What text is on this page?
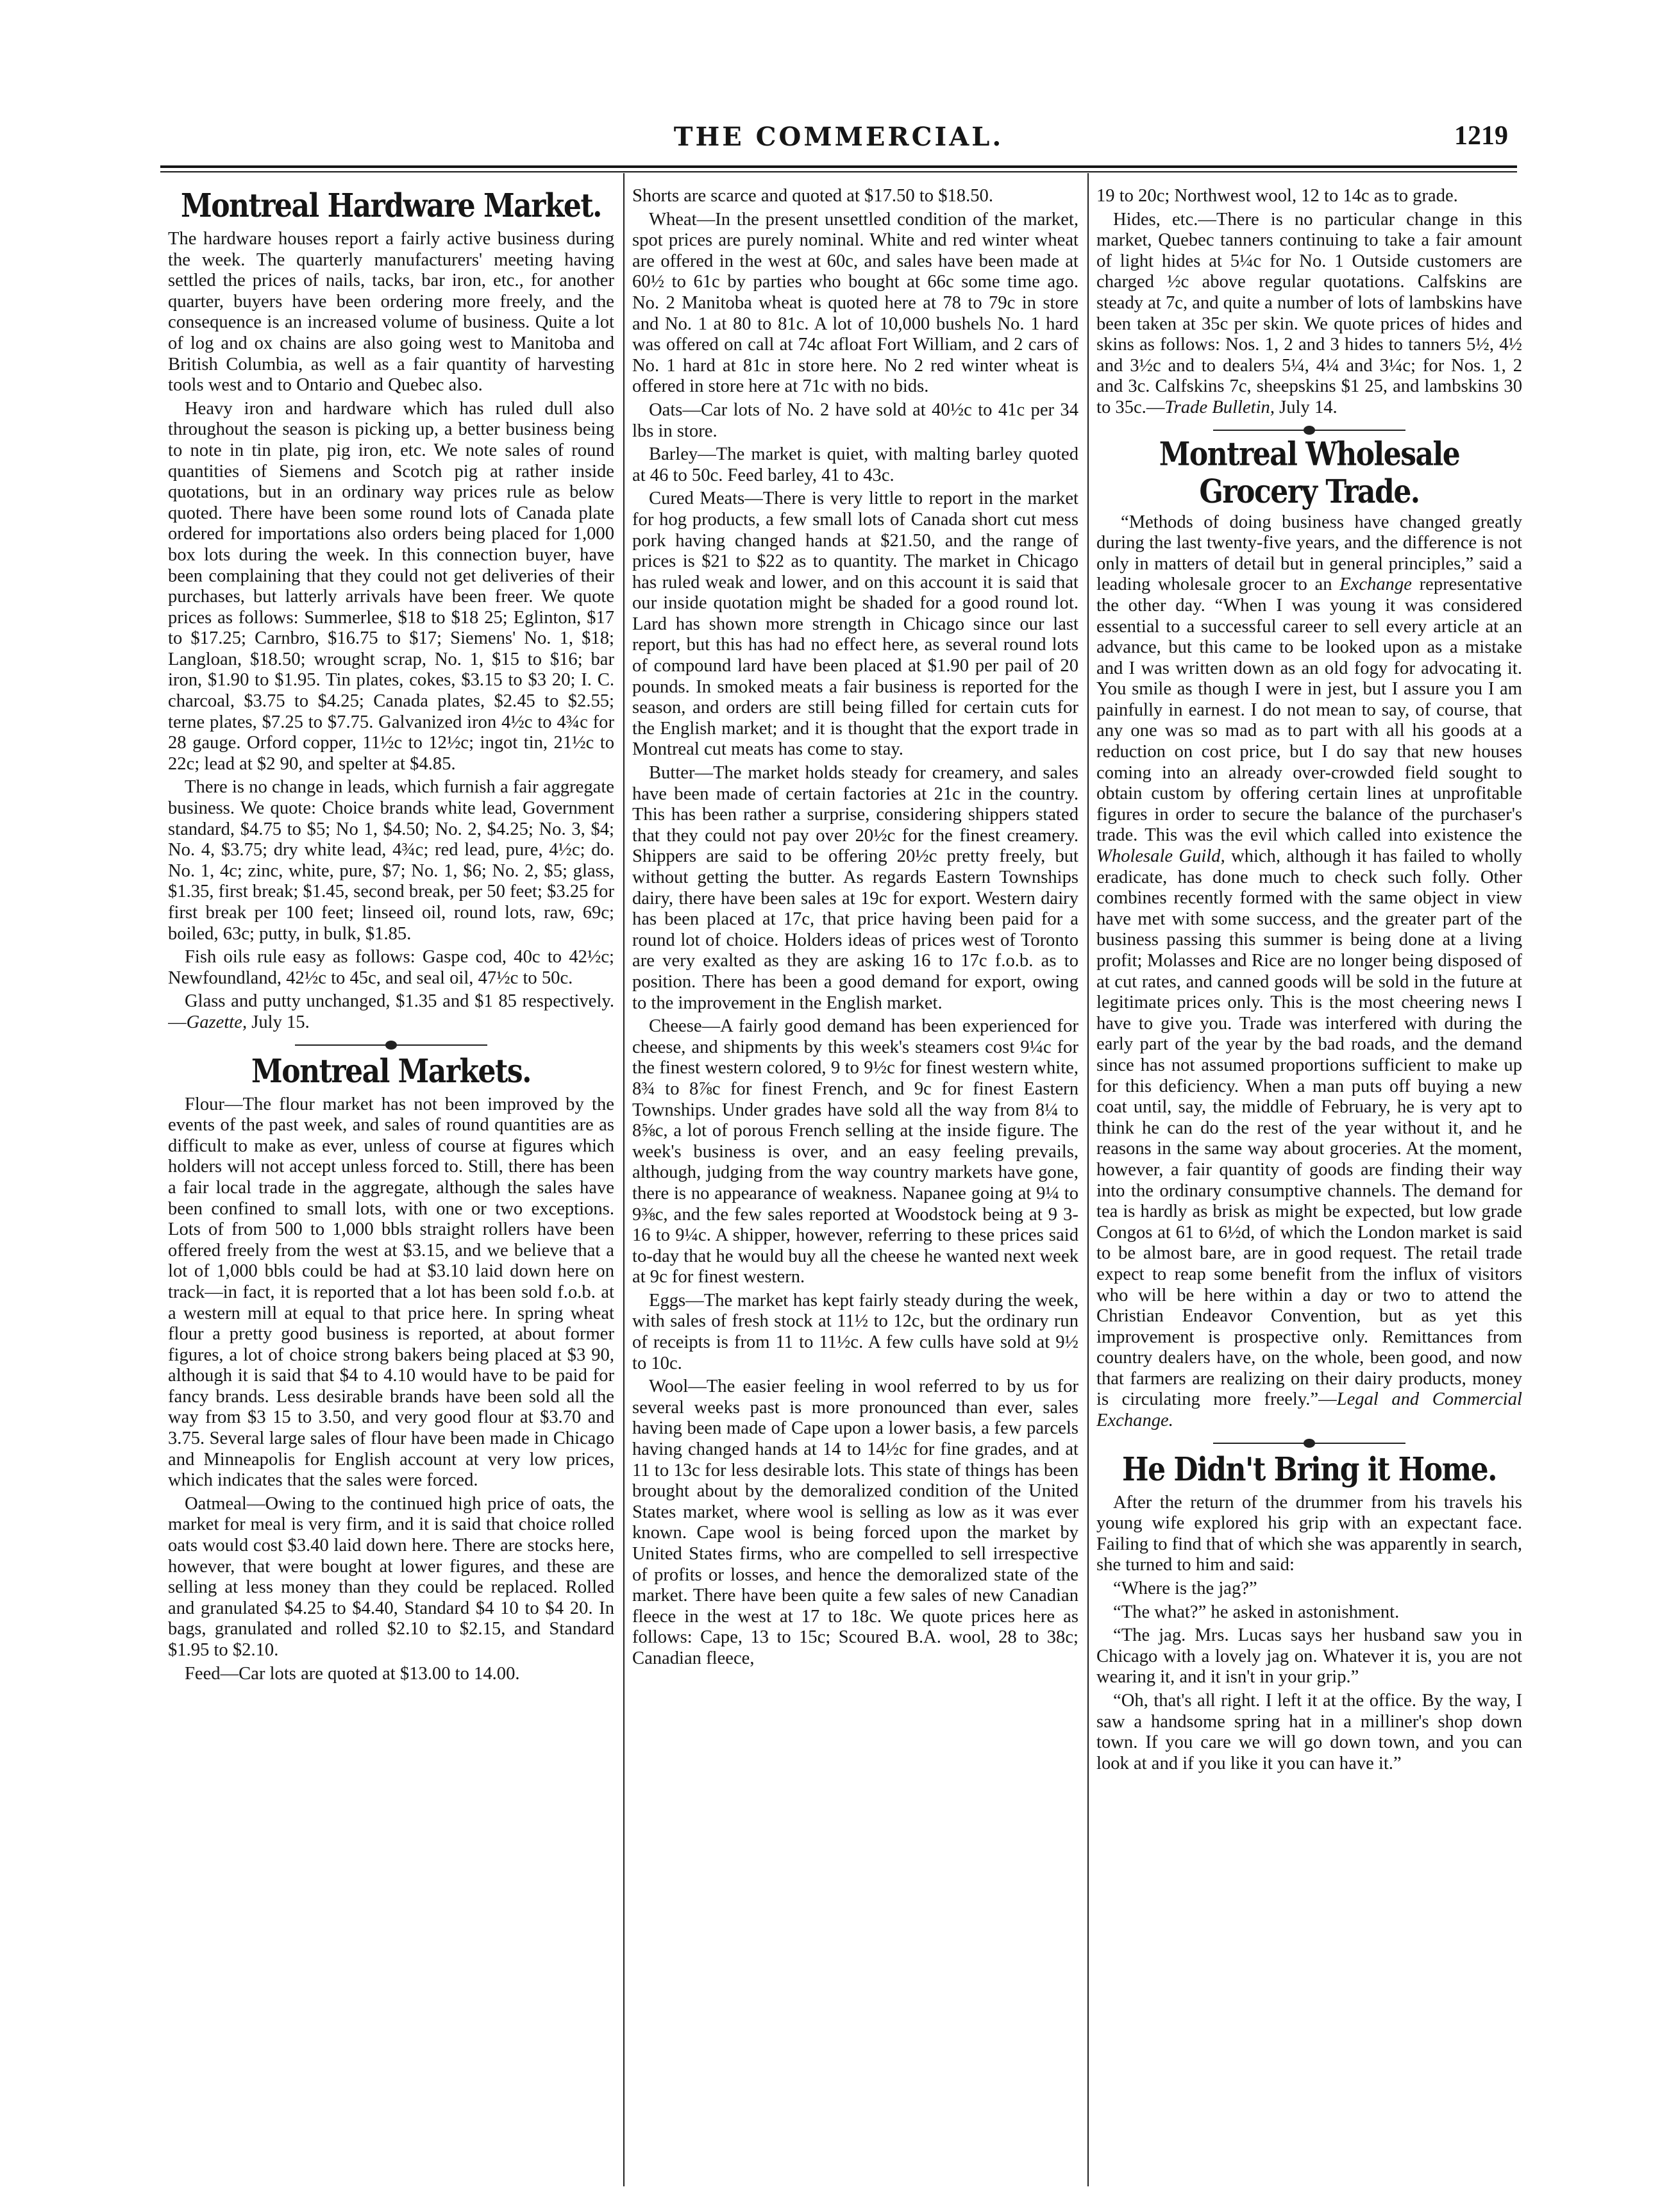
THE COMMERCIAL.	1219
Montreal Hardware Market.

The hardware houses report a fairly active business during the week. The quarterly manufacturers' meeting having settled the prices of nails, tacks, bar iron, etc., for another quarter, buyers have been ordering more freely, and the consequence is an increased volume of business. Quite a lot of log and ox chains are also going west to Manitoba and British Columbia, as well as a fair quantity of harvesting tools west and to Ontario and Quebec also.

Heavy iron and hardware which has ruled dull also throughout the season is picking up, a better business being to note in tin plate, pig iron, etc. We note sales of round quantities of Siemens and Scotch pig at rather inside quotations, but in an ordinary way prices rule as below quoted. There have been some round lots of Canada plate ordered for importations also orders being placed for 1,000 box lots during the week. In this connection buyer, have been complaining that they could not get deliveries of their purchases, but latterly arrivals have been freer. We quote prices as follows: Summerlee, $18 to $18 25; Eglinton, $17 to $17.25; Carnbro, $16.75 to $17; Siemens' No. 1, $18; Langloan, $18.50; wrought scrap, No. 1, $15 to $16; bar iron, $1.90 to $1.95. Tin plates, cokes, $3.15 to $3 20; I. C. charcoal, $3.75 to $4.25; Canada plates, $2.45 to $2.55; terne plates, $7.25 to $7.75. Galvanized iron 4½c to 4¾c for 28 gauge. Orford copper, 11½c to 12½c; ingot tin, 21½c to 22c; lead at $2 90, and spelter at $4.85.

There is no change in leads, which furnish a fair aggregate business. We quote: Choice brands white lead, Government standard, $4.75 to $5; No 1, $4.50; No. 2, $4.25; No. 3, $4; No. 4, $3.75; dry white lead, 4¾c; red lead, pure, 4½c; do. No. 1, 4c; zinc, white, pure, $7; No. 1, $6; No. 2, $5; glass, $1.35, first break; $1.45, second break, per 50 feet; $3.25 for first break per 100 feet; linseed oil, round lots, raw, 69c; boiled, 63c; putty, in bulk, $1.85.

Fish oils rule easy as follows: Gaspe cod, 40c to 42½c; Newfoundland, 42½c to 45c, and seal oil, 47½c to 50c.

Glass and putty unchanged, $1.35 and $1 85 respectively.—Gazette, July 15.

Montreal Markets.

Flour—The flour market has not been improved by the events of the past week, and sales of round quantities are as difficult to make as ever, unless of course at figures which holders will not accept unless forced to. Still, there has been a fair local trade in the aggregate, although the sales have been confined to small lots, with one or two exceptions. Lots of from 500 to 1,000 bbls straight rollers have been offered freely from the west at $3.15, and we believe that a lot of 1,000 bbls could be had at $3.10 laid down here on track—in fact, it is reported that a lot has been sold f.o.b. at a western mill at equal to that price here. In spring wheat flour a pretty good business is reported, at about former figures, a lot of choice strong bakers being placed at $3 90, although it is said that $4 to 4.10 would have to be paid for fancy brands. Less desirable brands have been sold all the way from $3 15 to 3.50, and very good flour at $3.70 and 3.75. Several large sales of flour have been made in Chicago and Minneapolis for English account at very low prices, which indicates that the sales were forced.

Oatmeal—Owing to the continued high price of oats, the market for meal is very firm, and it is said that choice rolled oats would cost $3.40 laid down here. There are stocks here, however, that were bought at lower figures, and these are selling at less money than they could be replaced. Rolled and granulated $4.25 to $4.40, Standard $4 10 to $4 20. In bags, granulated and rolled $2.10 to $2.15, and Standard $1.95 to $2.10.

Feed—Car lots are quoted at $13.00 to 14.00.

Shorts are scarce and quoted at $17.50 to $18.50.

Wheat—In the present unsettled condition of the market, spot prices are purely nominal. White and red winter wheat are offered in the west at 60c, and sales have been made at 60½ to 61c by parties who bought at 66c some time ago. No. 2 Manitoba wheat is quoted here at 78 to 79c in store and No. 1 at 80 to 81c. A lot of 10,000 bushels No. 1 hard was offered on call at 74c afloat Fort William, and 2 cars of No. 1 hard at 81c in store here. No 2 red winter wheat is offered in store here at 71c with no bids.

Oats—Car lots of No. 2 have sold at 40½c to 41c per 34 lbs in store.

Barley—The market is quiet, with malting barley quoted at 46 to 50c. Feed barley, 41 to 43c.

Cured Meats—There is very little to report in the market for hog products, a few small lots of Canada short cut mess pork having changed hands at $21.50, and the range of prices is $21 to $22 as to quantity. The market in Chicago has ruled weak and lower, and on this account it is said that our inside quotation might be shaded for a good round lot. Lard has shown more strength in Chicago since our last report, but this has had no effect here, as several round lots of compound lard have been placed at $1.90 per pail of 20 pounds. In smoked meats a fair business is reported for the season, and orders are still being filled for certain cuts for the English market; and it is thought that the export trade in Montreal cut meats has come to stay.

Butter—The market holds steady for creamery, and sales have been made of certain factories at 21c in the country. This has been rather a surprise, considering shippers stated that they could not pay over 20½c for the finest creamery. Shippers are said to be offering 20½c pretty freely, but without getting the butter. As regards Eastern Townships dairy, there have been sales at 19c for export. Western dairy has been placed at 17c, that price having been paid for a round lot of choice. Holders ideas of prices west of Toronto are very exalted as they are asking 16 to 17c f.o.b. as to position. There has been a good demand for export, owing to the improvement in the English market.

Cheese—A fairly good demand has been experienced for cheese, and shipments by this week's steamers cost 9¼c for the finest western colored, 9 to 9½c for finest western white, 8¾ to 8⅞c for finest French, and 9c for finest Eastern Townships. Under grades have sold all the way from 8¼ to 8⅝c, a lot of porous French selling at the inside figure. The week's business is over, and an easy feeling prevails, although, judging from the way country markets have gone, there is no appearance of weakness. Napanee going at 9¼ to 9⅜c, and the few sales reported at Woodstock being at 9 3-16 to 9¼c. A shipper, however, referring to these prices said to-day that he would buy all the cheese he wanted next week at 9c for finest western.

Eggs—The market has kept fairly steady during the week, with sales of fresh stock at 11½ to 12c, but the ordinary run of receipts is from 11 to 11½c. A few culls have sold at 9½ to 10c.

Wool—The easier feeling in wool referred to by us for several weeks past is more pronounced than ever, sales having been made of Cape upon a lower basis, a few parcels having changed hands at 14 to 14½c for fine grades, and at 11 to 13c for less desirable lots. This state of things has been brought about by the demoralized condition of the United States market, where wool is selling as low as it was ever known. Cape wool is being forced upon the market by United States firms, who are compelled to sell irrespective of profits or losses, and hence the demoralized state of the market. There have been quite a few sales of new Canadian fleece in the west at 17 to 18c. We quote prices here as follows: Cape, 13 to 15c; Scoured B.A. wool, 28 to 38c; Canadian fleece,

19 to 20c; Northwest wool, 12 to 14c as to grade.

Hides, etc.—There is no particular change in this market, Quebec tanners continuing to take a fair amount of light hides at 5¼c for No. 1 Outside customers are charged ½c above regular quotations. Calfskins are steady at 7c, and quite a number of lots of lambskins have been taken at 35c per skin. We quote prices of hides and skins as follows: Nos. 1, 2 and 3 hides to tanners 5½, 4½ and 3½c and to dealers 5¼, 4¼ and 3¼c; for Nos. 1, 2 and 3c. Calfskins 7c, sheepskins $1 25, and lambskins 30 to 35c.—Trade Bulletin, July 14.

Montreal Wholesale Grocery Trade.

“Methods of doing business have changed greatly during the last twenty-five years, and the difference is not only in matters of detail but in general principles,” said a leading wholesale grocer to an Exchange representative the other day. “When I was young it was considered essential to a successful career to sell every article at an advance, but this came to be looked upon as a mistake and I was written down as an old fogy for advocating it. You smile as though I were in jest, but I assure you I am painfully in earnest. I do not mean to say, of course, that any one was so mad as to part with all his goods at a reduction on cost price, but I do say that new houses coming into an already over-crowded field sought to obtain custom by offering certain lines at unprofitable figures in order to secure the balance of the purchaser's trade. This was the evil which called into existence the Wholesale Guild, which, although it has failed to wholly eradicate, has done much to check such folly. Other combines recently formed with the same object in view have met with some success, and the greater part of the business passing this summer is being done at a living profit; Molasses and Rice are no longer being disposed of at cut rates, and canned goods will be sold in the future at legitimate prices only. This is the most cheering news I have to give you. Trade was interfered with during the early part of the year by the bad roads, and the demand since has not assumed proportions sufficient to make up for this deficiency. When a man puts off buying a new coat until, say, the middle of February, he is very apt to think he can do the rest of the year without it, and he reasons in the same way about groceries. At the moment, however, a fair quantity of goods are finding their way into the ordinary consumptive channels. The demand for tea is hardly as brisk as might be expected, but low grade Congos at 61 to 6½d, of which the London market is said to be almost bare, are in good request. The retail trade expect to reap some benefit from the influx of visitors who will be here within a day or two to attend the Christian Endeavor Convention, but as yet this improvement is prospective only. Remittances from country dealers have, on the whole, been good, and now that farmers are realizing on their dairy products, money is circulating more freely.”—Legal and Commercial Exchange.

He Didn't Bring it Home.

After the return of the drummer from his travels his young wife explored his grip with an expectant face. Failing to find that of which she was apparently in search, she turned to him and said:

“Where is the jag?”

“The what?” he asked in astonishment.

“The jag. Mrs. Lucas says her husband saw you in Chicago with a lovely jag on. Whatever it is, you are not wearing it, and it isn't in your grip.”

“Oh, that's all right. I left it at the office. By the way, I saw a handsome spring hat in a milliner's shop down town. If you care we will go down town, and you can look at and if you like it you can have it.”
